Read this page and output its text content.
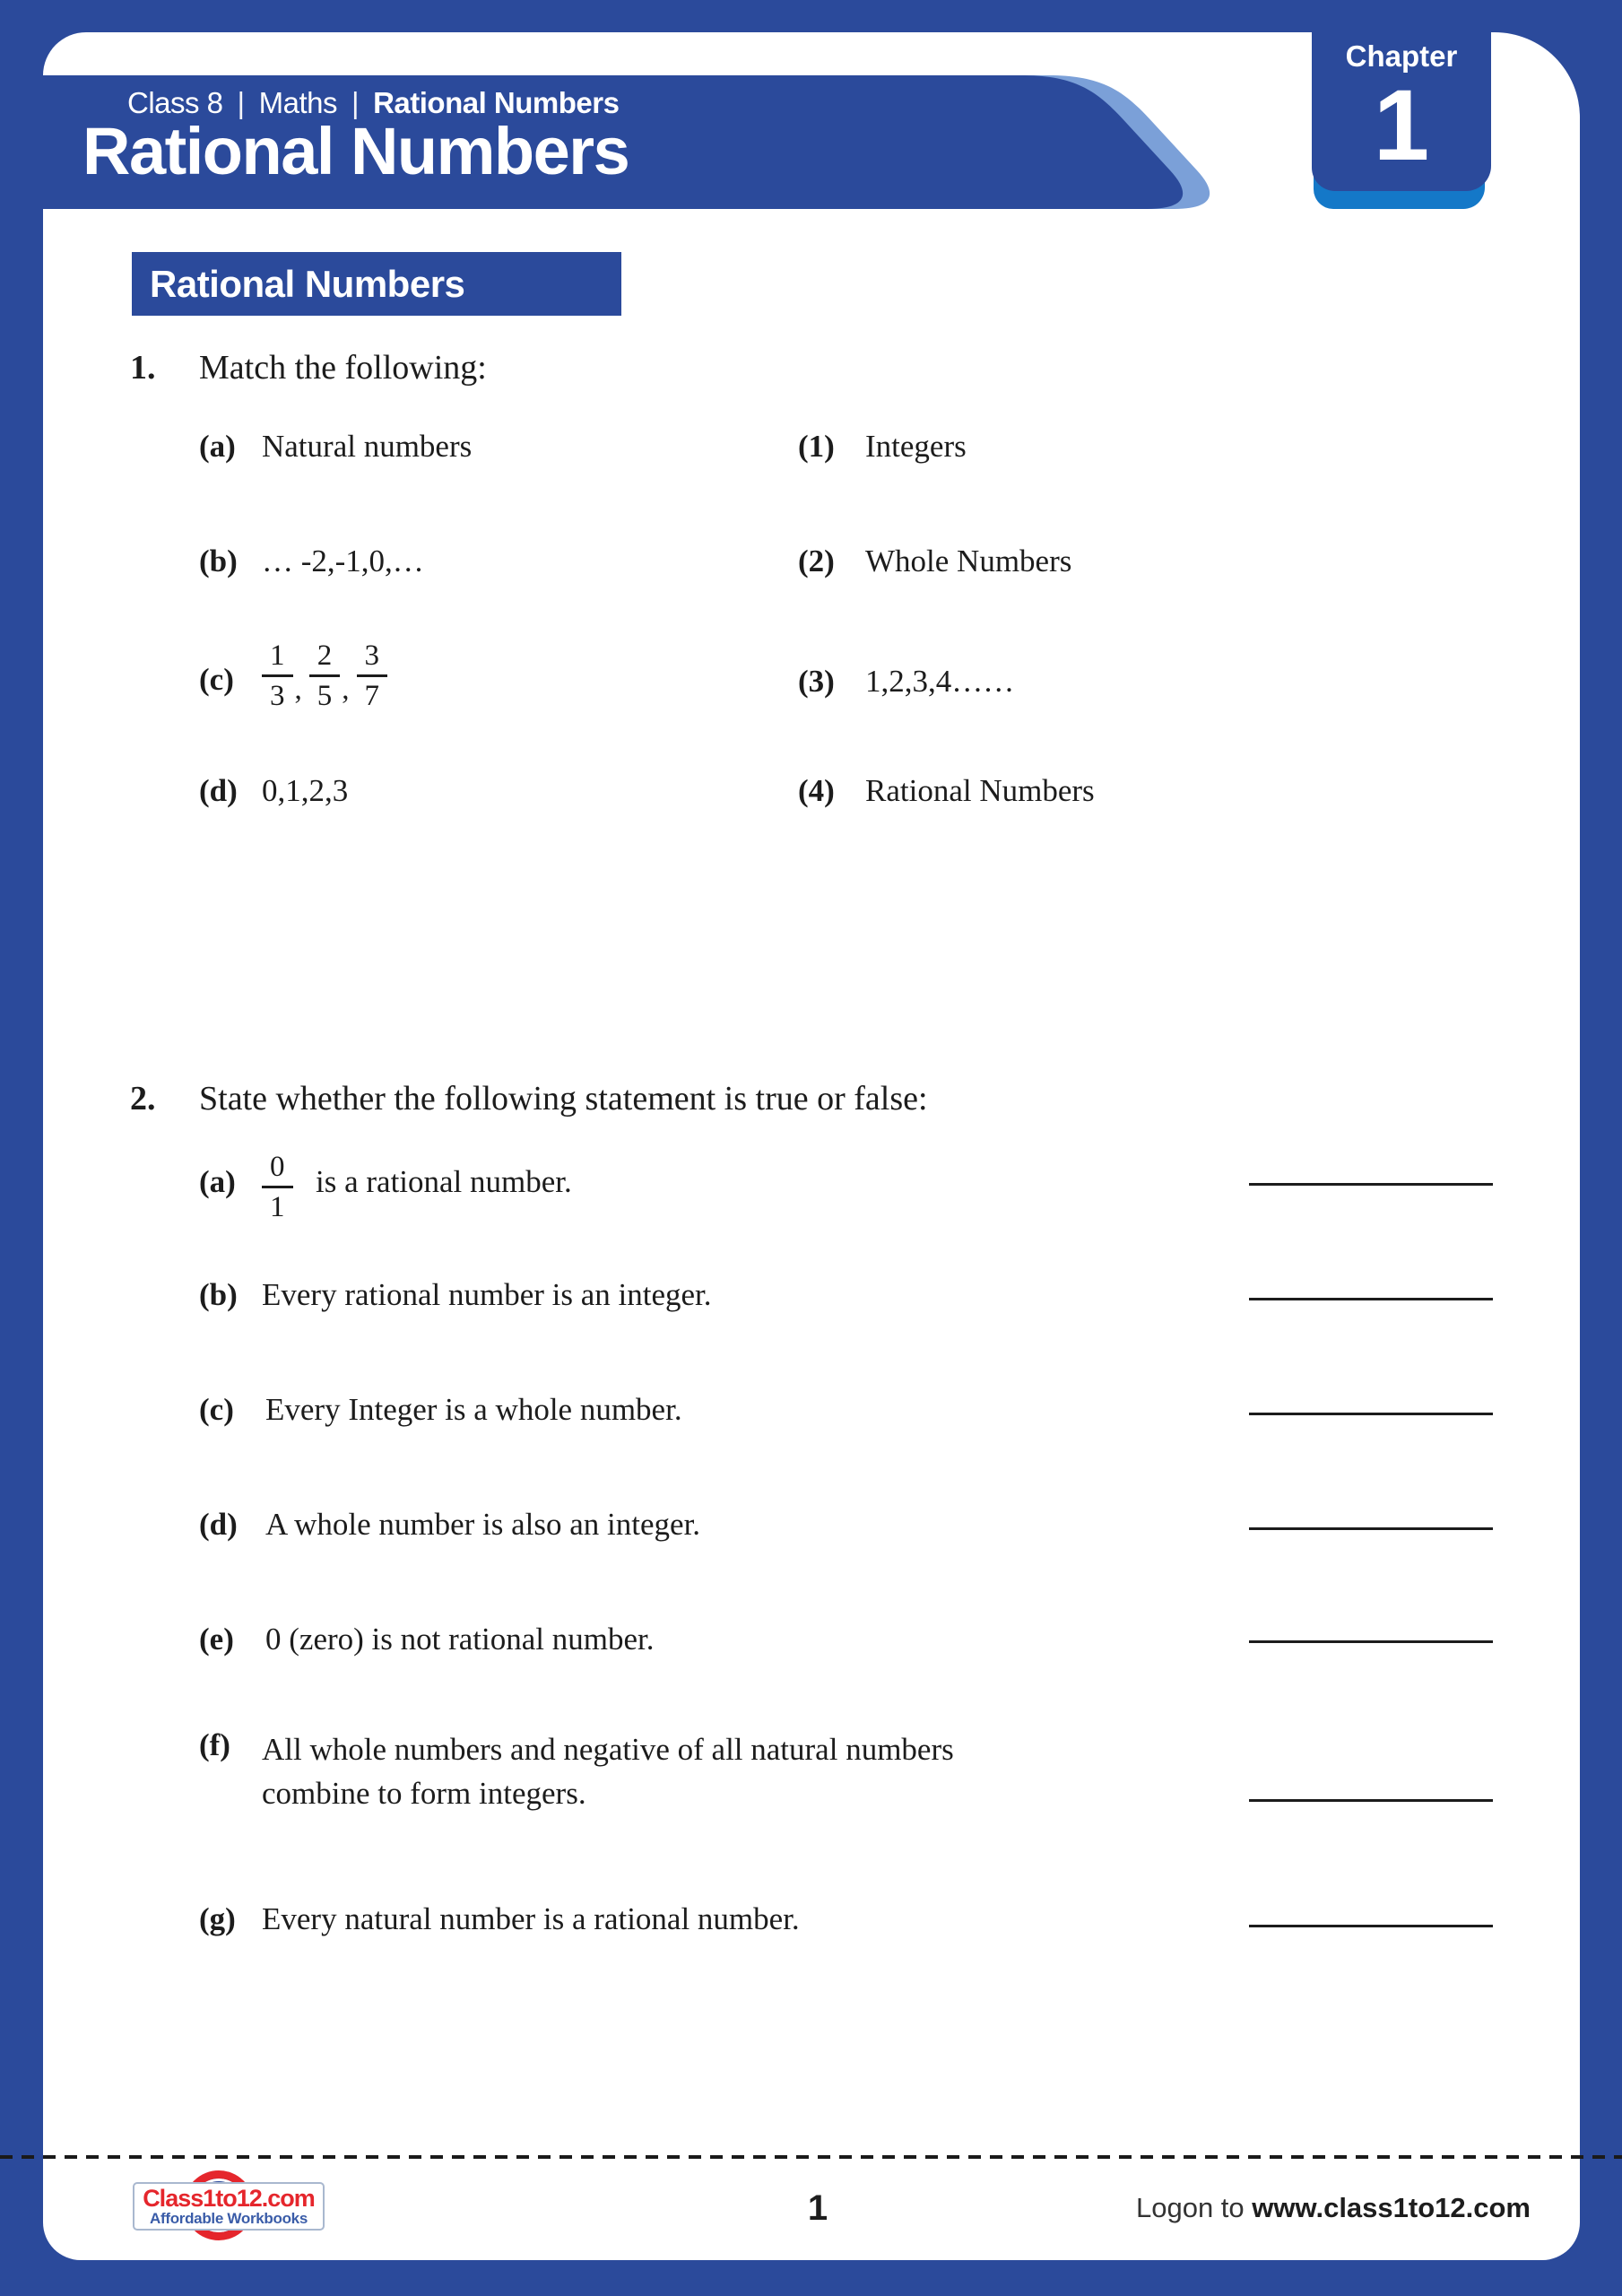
Class 8 | Maths | Rational Numbers
Rational Numbers
Chapter
1
Rational Numbers
1. Match the following:
(a) Natural numbers	(1) Integers
(b) … -2,-1,0,…	(2) Whole Numbers
$(c) \frac{1}{3}$ , $\frac{2}{5}$ , $\frac{3}{7}$	(3) 1,2,3,4……
(d) 0,1,2,3	(4) Rational Numbers
2. State whether the following statement is true or false:
$(a) \frac{0}{1}$ is a rational number.
(b) Every rational number is an integer.
(c) Every Integer is a whole number.
(d) A whole number is also an integer.
(e) 0 (zero) is not rational number.
(f) All whole numbers and negative of all natural numbers combine to form integers.
(g) Every natural number is a rational number.
Class1to12.com
Affordable Workbooks	1	Logon to www.class1to12.com
